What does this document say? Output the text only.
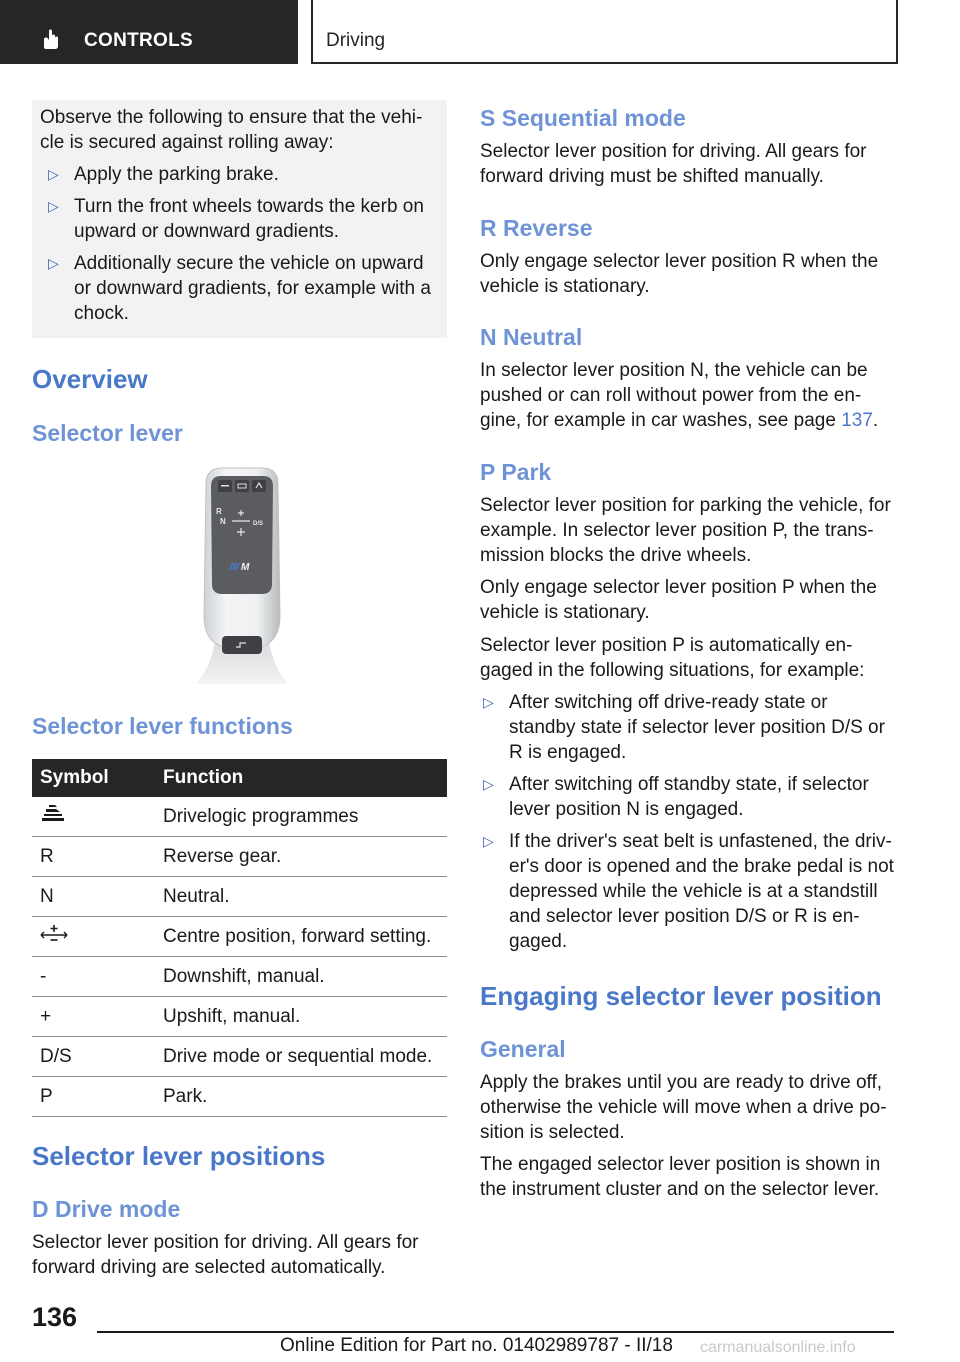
CONTROLS	Driving
Observe the following to ensure that the vehi-
cle is secured against rolling away:
▷ Apply the parking brake.
▷ Turn the front wheels towards the kerb on
upward or downward gradients.
▷ Additionally secure the vehicle on upward
or downward gradients, for example with a
chock.
Overview
Selector lever
R
N	D/S
M
Selector lever functions
Symbol	Function
	Drivelogic programmes
R	Reverse gear.
N	Neutral.
	Centre position, forward setting.
-	Downshift, manual.
+	Upshift, manual.
D/S	Drive mode or sequential mode.
P	Park.
Selector lever positions
D Drive mode
Selector lever position for driving. All gears for
forward driving are selected automatically.
S Sequential mode
Selector lever position for driving. All gears for
forward driving must be shifted manually.
R Reverse
Only engage selector lever position R when the
vehicle is stationary.
N Neutral
In selector lever position N, the vehicle can be
pushed or can roll without power from the en-
gine, for example in car washes, see page 137.
P Park
Selector lever position for parking the vehicle, for
example. In selector lever position P, the trans-
mission blocks the drive wheels.
Only engage selector lever position P when the
vehicle is stationary.
Selector lever position P is automatically en-
gaged in the following situations, for example:
▷ After switching off drive-ready state or
standby state if selector lever position D/S or
R is engaged.
▷ After switching off standby state, if selector
lever position N is engaged.
▷ If the driver's seat belt is unfastened, the driv-
er's door is opened and the brake pedal is not
depressed while the vehicle is at a standstill
and selector lever position D/S or R is en-
gaged.
Engaging selector lever position
General
Apply the brakes until you are ready to drive off,
otherwise the vehicle will move when a drive po-
sition is selected.
The engaged selector lever position is shown in
the instrument cluster and on the selector lever.
136
Online Edition for Part no. 01402989787 - II/18 carmanualsonline.info
